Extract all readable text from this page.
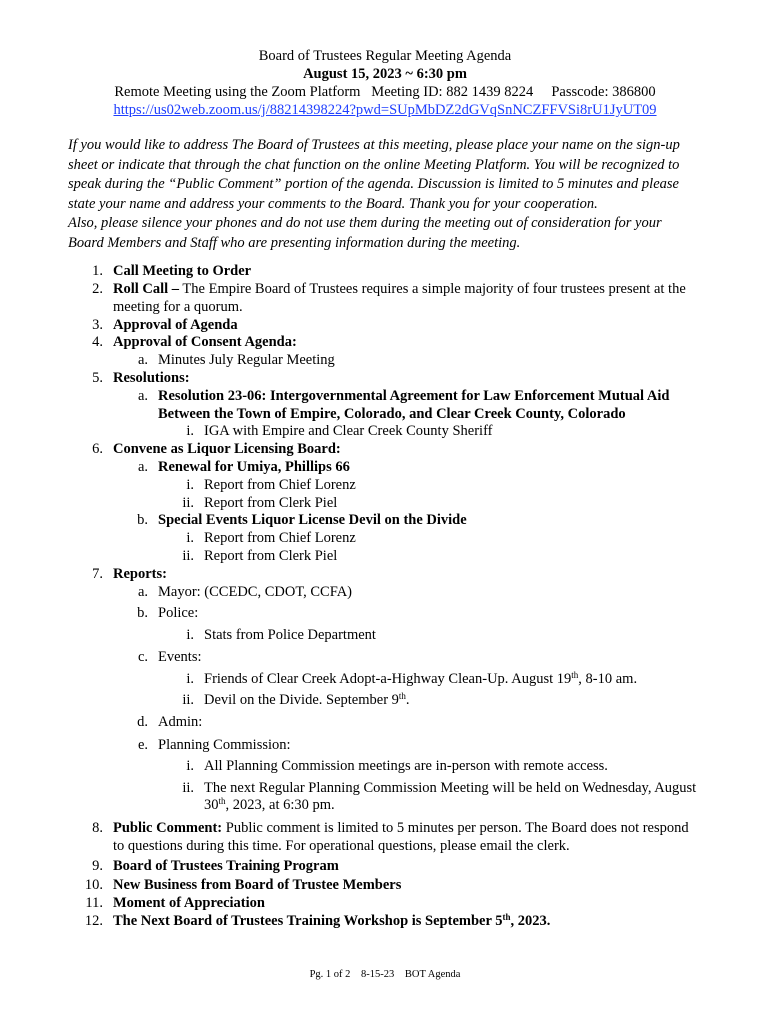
Board of Trustees Regular Meeting Agenda
August 15, 2023 ~ 6:30 pm
Remote Meeting using the Zoom Platform   Meeting ID: 882 1439 8224     Passcode: 386800
https://us02web.zoom.us/j/88214398224?pwd=SUpMbDZ2dGVqSnNCZFFVSi8rU1JyUT09
If you would like to address The Board of Trustees at this meeting, please place your name on the sign-up
sheet or indicate that through the chat function on the online Meeting Platform. You will be recognized to
speak during the “Public Comment” portion of the agenda. Discussion is limited to 5 minutes and please
state your name and address your comments to the Board. Thank you for your cooperation.
Also, please silence your phones and do not use them during the meeting out of consideration for your
Board Members and Staff who are presenting information during the meeting.
1. Call Meeting to Order
2. Roll Call – The Empire Board of Trustees requires a simple majority of four trustees present at the
meeting for a quorum.
3. Approval of Agenda
4. Approval of Consent Agenda:
a. Minutes July Regular Meeting
5. Resolutions:
a. Resolution 23-06: Intergovernmental Agreement for Law Enforcement Mutual Aid
Between the Town of Empire, Colorado, and Clear Creek County, Colorado
i. IGA with Empire and Clear Creek County Sheriff
6. Convene as Liquor Licensing Board:
a. Renewal for Umiya, Phillips 66
i. Report from Chief Lorenz
ii. Report from Clerk Piel
b. Special Events Liquor License Devil on the Divide
i. Report from Chief Lorenz
ii. Report from Clerk Piel
7. Reports:
a. Mayor: (CCEDC, CDOT, CCFA)
b. Police:
i. Stats from Police Department
c. Events:
i. Friends of Clear Creek Adopt-a-Highway Clean-Up. August 19th, 8-10 am.
ii. Devil on the Divide. September 9th.
d. Admin:
e. Planning Commission:
i. All Planning Commission meetings are in-person with remote access.
ii. The next Regular Planning Commission Meeting will be held on Wednesday, August
30th, 2023, at 6:30 pm.
8. Public Comment: Public comment is limited to 5 minutes per person. The Board does not respond
to questions during this time. For operational questions, please email the clerk.
9. Board of Trustees Training Program
10. New Business from Board of Trustee Members
11. Moment of Appreciation
12. The Next Board of Trustees Training Workshop is September 5th, 2023.
Pg. 1 of 2 8-15-23 BOT Agenda
